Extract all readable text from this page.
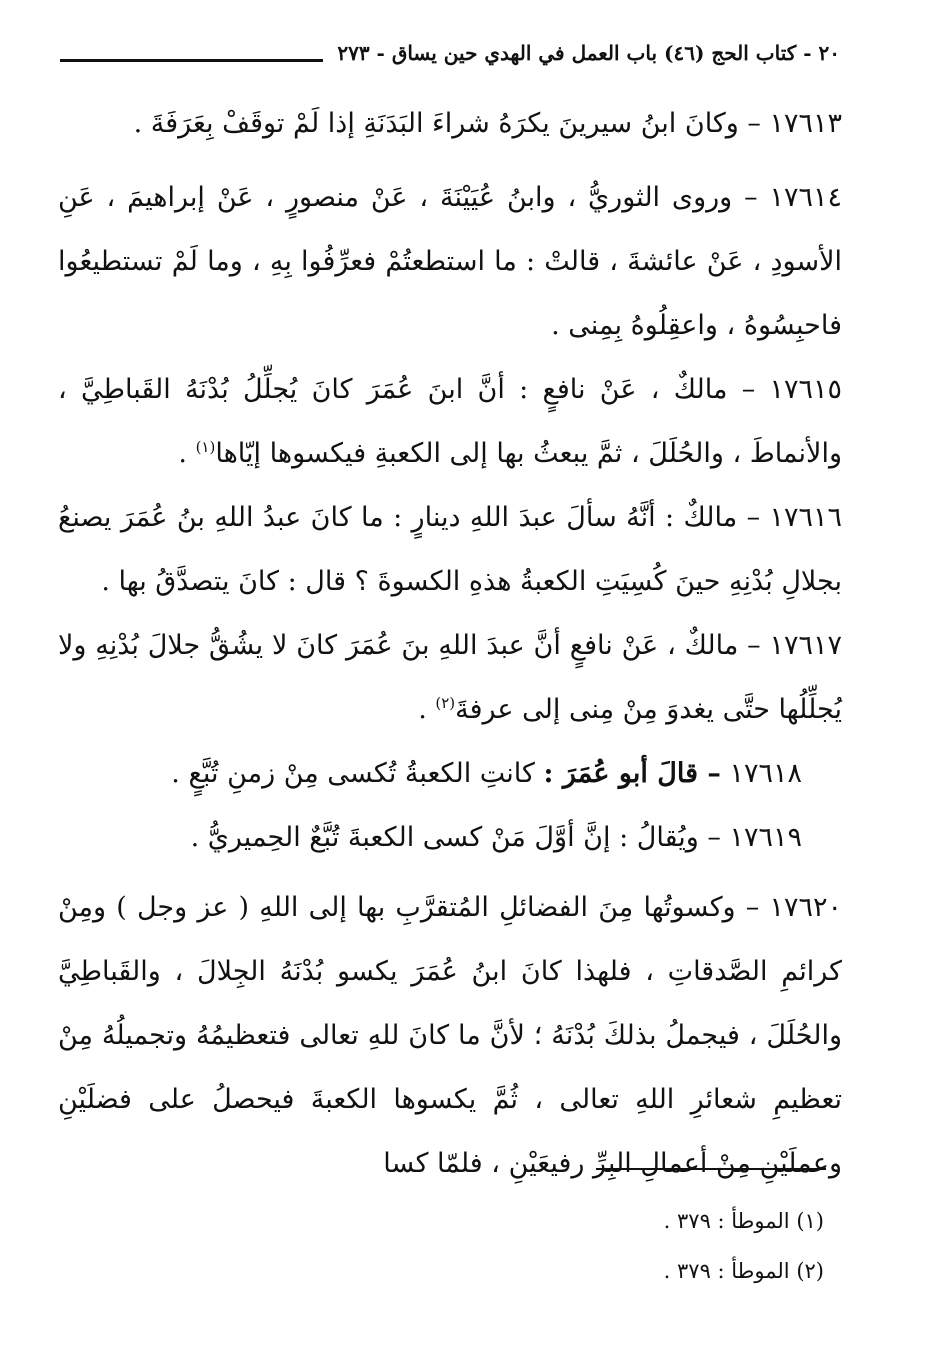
٢٠ - كتاب الحج (٤٦) باب العمل في الهدي حين يساق - ٢٧٣

١٧٦١٣ – وكانَ ابنُ سيرينَ يكرَهُ شراءَ البَدَنَةِ إذا لَمْ توقَفْ بِعَرَفَةَ .

١٧٦١٤ – وروى الثوريُّ ، وابنُ عُيَيْنَةَ ، عَنْ منصورٍ ، عَنْ إبراهيمَ ، عَنِ الأسودِ ، عَنْ عائشةَ ، قالتْ : ما استطعتُمْ فعرِّفُوا بِهِ ، وما لَمْ تستطيعُوا فاحبِسُوهُ ، واعقِلُوهُ بِمِنى .

١٧٦١٥ – مالكٌ ، عَنْ نافعٍ : أنَّ ابنَ عُمَرَ كانَ يُجلِّلُ بُدْنَهُ القَباطِيَّ ، والأنماطَ ، والحُلَلَ ، ثمَّ يبعثُ بها إلى الكعبةِ فيكسوها إيّاها$^{(١)}$ .

١٧٦١٦ – مالكٌ : أنَّهُ سألَ عبدَ اللهِ دينارٍ : ما كانَ عبدُ اللهِ بنُ عُمَرَ يصنعُ بجلالِ بُدْنِهِ حينَ كُسِيَتِ الكعبةُ هذهِ الكسوةَ ؟ قال : كانَ يتصدَّقُ بها .

١٧٦١٧ – مالكٌ ، عَنْ نافعٍ أنَّ عبدَ اللهِ بنَ عُمَرَ كانَ لا يشُقُّ جلالَ بُدْنِهِ ولا يُجلِّلُها حتَّى يغدوَ مِنْ مِنى إلى عرفةَ$^{(٢)}$ .

١٧٦١٨ – قالَ أبو عُمَرَ : كانتِ الكعبةُ تُكسى مِنْ زمنِ تُبَّعٍ .

١٧٦١٩ – ويُقالُ : إنَّ أوَّلَ مَنْ كسى الكعبةَ تُبَّعٌ الحِميريُّ .

١٧٦٢٠ – وكسوتُها مِنَ الفضائلِ المُتقرَّبِ بها إلى اللهِ ( عز وجل ) ومِنْ كرائمِ الصَّدقاتِ ، فلهذا كانَ ابنُ عُمَرَ يكسو بُدْنَهُ الجِلالَ ، والقَباطِيَّ والحُلَلَ ، فيجملُ بذلكَ بُدْنَهُ ؛ لأنَّ ما كانَ للهِ تعالى فتعظيمُهُ وتجميلُهُ مِنْ تعظيمِ شعائرِ اللهِ تعالى ، ثُمَّ يكسوها الكعبةَ فيحصلُ على فضلَيْنِ وعملَيْنِ مِنْ أعمالِ البِرِّ رفيعَيْنِ ، فلمّا كسا

(١) الموطأ : ٣٧٩ .
(٢) الموطأ : ٣٧٩ .
